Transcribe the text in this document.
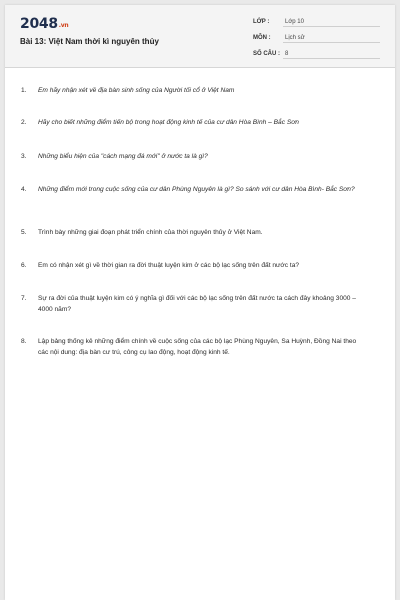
2048.vn
Bài 13: Việt Nam thời kì nguyên thủy
LỚP :	Lớp 10
MÔN :	Lịch sử
SỐ CÂU : 8
1.	Em hãy nhận xét về địa bàn sinh sống của Người tối cổ ở Việt Nam
2.	Hãy cho biết những điểm tiến bộ trong hoạt động kinh tế của cư dân Hòa Bình – Bắc Sơn
3.	Những biểu hiện của "cách mạng đá mới" ở nước ta là gì?
4.	Những điểm mới trong cuộc sống của cư dân Phùng Nguyên là gì? So sánh với cư dân Hòa Bình- Bắc Sơn?
5.	Trình bày những giai đoạn phát triển chính của thời nguyên thủy ở Việt Nam.
6.	Em có nhận xét gì về thời gian ra đời thuật luyện kim ở các bộ lạc sống trên đất nước ta?
7.	Sự ra đời của thuật luyện kim có ý nghĩa gì đối với các bộ lạc sống trên đất nước ta cách đây khoảng 3000 – 4000 năm?
8.	Lập bảng thống kê những điểm chính về cuộc sống của các bộ lạc Phùng Nguyên, Sa Huỳnh, Đồng Nai theo các nội dung: địa bàn cư trú, công cụ lao động, hoạt động kinh tế.
